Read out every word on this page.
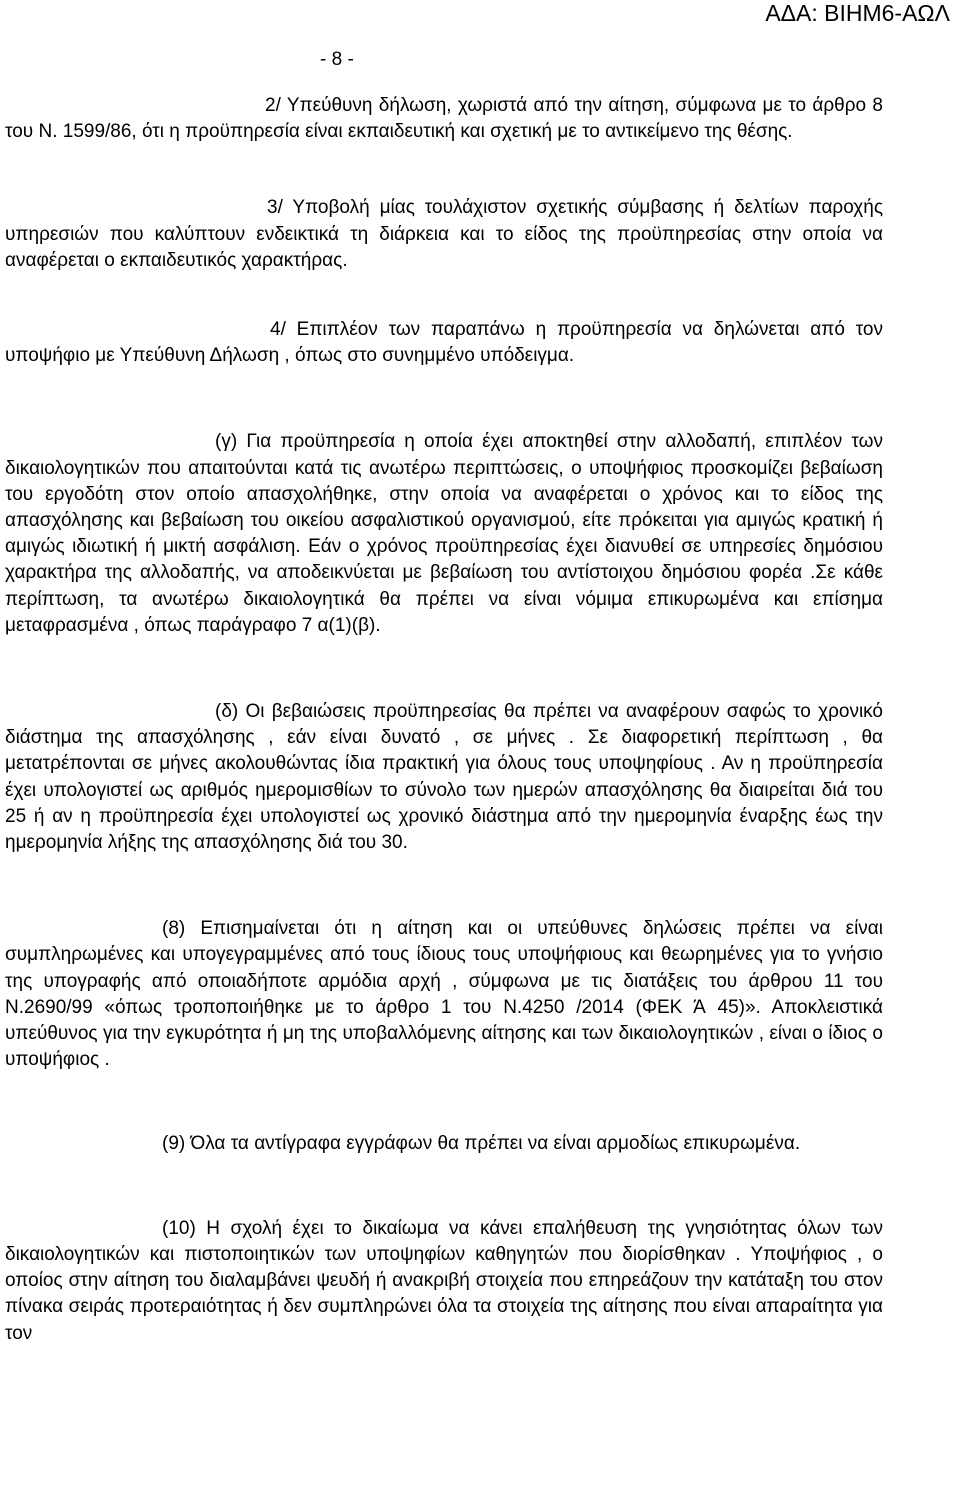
ΑΔΑ: ΒΙΗΜ6-ΑΩΛ
- 8 -

2/ Υπεύθυνη δήλωση, χωριστά από την αίτηση, σύμφωνα με το άρθρο 8 του Ν. 1599/86, ότι η προϋπηρεσία είναι εκπαιδευτική και σχετική με το αντικείμενο της θέσης.

3/ Υποβολή μίας τουλάχιστον σχετικής σύμβασης ή δελτίων παροχής υπηρεσιών που καλύπτουν ενδεικτικά τη διάρκεια και το είδος της προϋπηρεσίας στην οποία να αναφέρεται ο εκπαιδευτικός χαρακτήρας.

4/ Επιπλέον των παραπάνω η προϋπηρεσία να δηλώνεται από τον υποψήφιο με Υπεύθυνη Δήλωση , όπως στο συνημμένο υπόδειγμα.

(γ) Για προϋπηρεσία η οποία έχει αποκτηθεί στην αλλοδαπή, επιπλέον των δικαιολογητικών που απαιτούνται κατά τις ανωτέρω περιπτώσεις, ο υποψήφιος προσκομίζει βεβαίωση του εργοδότη στον οποίο απασχολήθηκε, στην οποία να αναφέρεται ο χρόνος και το είδος της απασχόλησης και βεβαίωση του οικείου ασφαλιστικού οργανισμού, είτε πρόκειται για αμιγώς κρατική ή αμιγώς ιδιωτική ή μικτή ασφάλιση. Εάν ο χρόνος προϋπηρεσίας έχει διανυθεί σε υπηρεσίες δημόσιου χαρακτήρα της αλλοδαπής, να αποδεικνύεται με βεβαίωση του αντίστοιχου δημόσιου φορέα .Σε κάθε περίπτωση, τα ανωτέρω δικαιολογητικά θα πρέπει να είναι νόμιμα επικυρωμένα και επίσημα μεταφρασμένα , όπως παράγραφο 7 α(1)(β).

(δ) Οι βεβαιώσεις προϋπηρεσίας θα πρέπει να αναφέρουν σαφώς το χρονικό διάστημα της απασχόλησης , εάν είναι δυνατό , σε μήνες . Σε διαφορετική περίπτωση , θα μετατρέπονται σε μήνες ακολουθώντας ίδια πρακτική για όλους τους υποψηφίους . Αν η προϋπηρεσία έχει υπολογιστεί ως αριθμός ημερομισθίων το σύνολο των ημερών απασχόλησης θα διαιρείται διά του 25 ή αν η προϋπηρεσία έχει υπολογιστεί ως χρονικό διάστημα από την ημερομηνία έναρξης έως την ημερομηνία λήξης της απασχόλησης διά του 30.

(8) Επισημαίνεται ότι η αίτηση και οι υπεύθυνες δηλώσεις πρέπει να είναι συμπληρωμένες και υπογεγραμμένες από τους ίδιους τους υποψήφιους και θεωρημένες για το γνήσιο της υπογραφής από οποιαδήποτε αρμόδια αρχή , σύμφωνα με τις διατάξεις του άρθρου 11 του Ν.2690/99 «όπως τροποποιήθηκε με το άρθρο 1 του Ν.4250 /2014 (ΦΕΚ Ά 45)». Αποκλειστικά υπεύθυνος για την εγκυρότητα ή μη της υποβαλλόμενης αίτησης και των δικαιολογητικών , είναι ο ίδιος ο υποψήφιος .

(9) Όλα τα αντίγραφα εγγράφων θα πρέπει να είναι αρμοδίως επικυρωμένα.

(10) Η σχολή έχει το δικαίωμα να κάνει επαλήθευση της γνησιότητας όλων των δικαιολογητικών και πιστοποιητικών των υποψηφίων καθηγητών που διορίσθηκαν . Υποψήφιος , ο οποίος στην αίτηση του διαλαμβάνει ψευδή ή ανακριβή στοιχεία που επηρεάζουν την κατάταξη του στον πίνακα σειράς προτεραιότητας ή δεν συμπληρώνει όλα τα στοιχεία της αίτησης που είναι απαραίτητα για τον
